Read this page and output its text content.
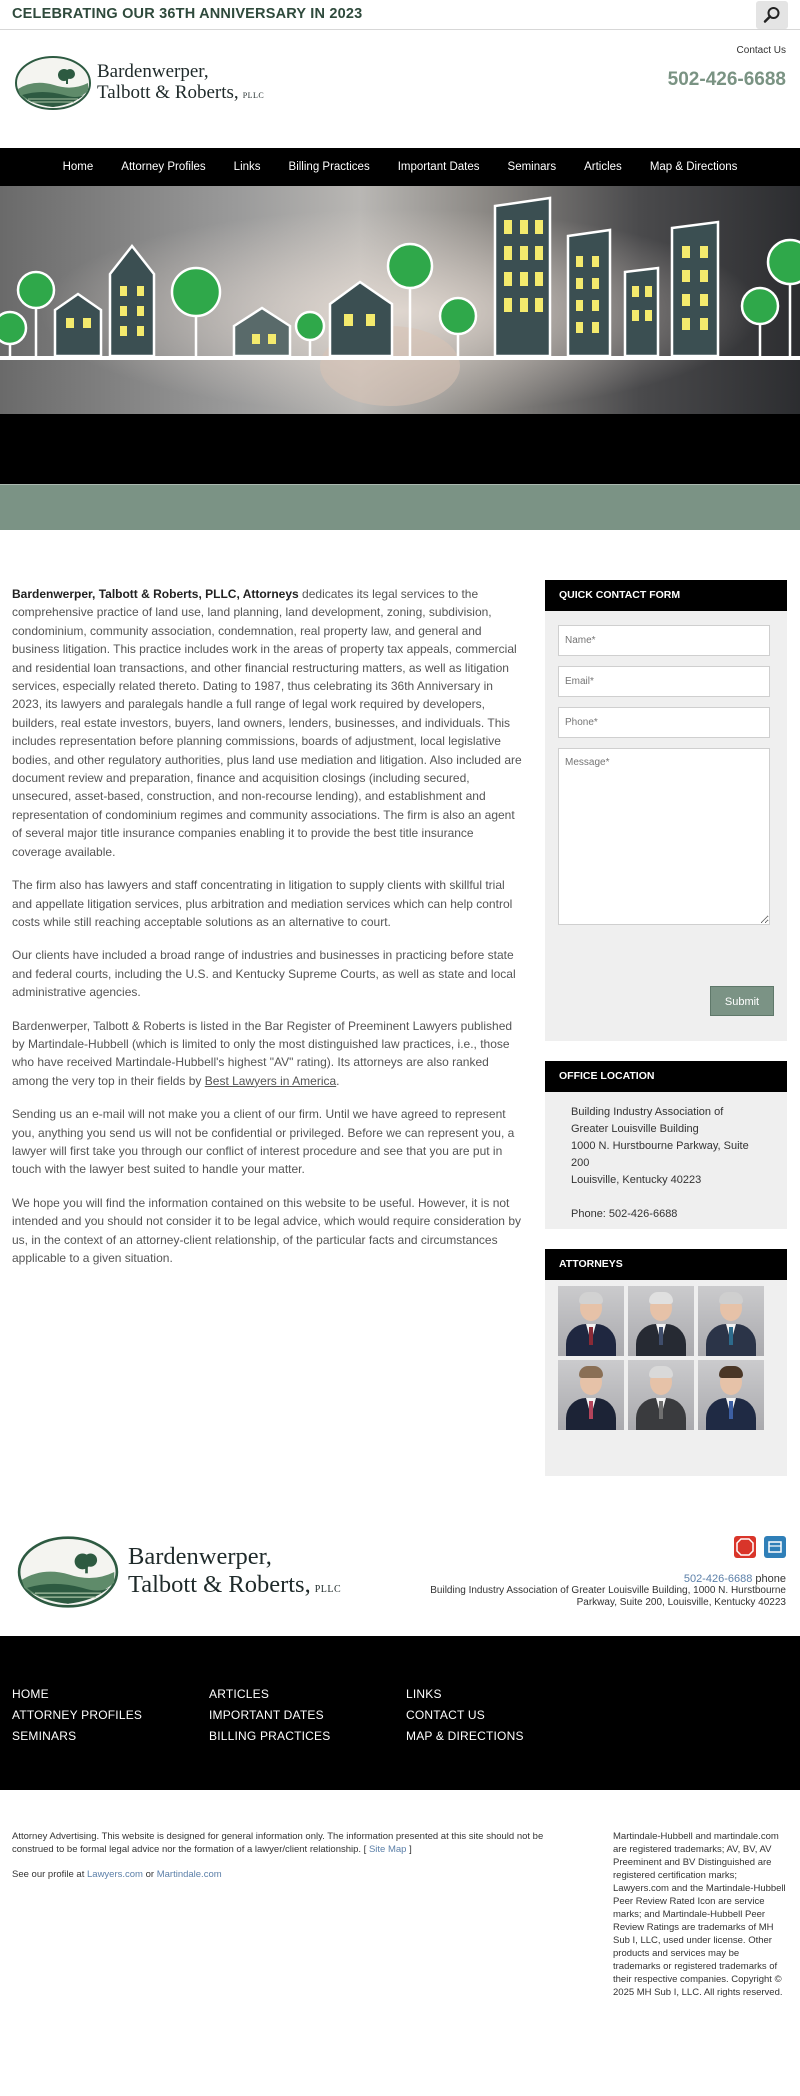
CELEBRATING OUR 36TH ANNIVERSARY IN 2023
Bardenwerper,
Talbott & Roberts, PLLC
Contact Us
502-426-6688
Home	Attorney Profiles	Links	Billing Practices	Important Dates	Seminars	Articles	Map & Directions

Bardenwerper, Talbott & Roberts, PLLC, Attorneys dedicates its legal services to the comprehensive practice of land use, land planning, land development, zoning, subdivision, condominium, community association, condemnation, real property law, and general and business litigation. This practice includes work in the areas of property tax appeals, commercial and residential loan transactions, and other financial restructuring matters, as well as litigation services, especially related thereto. Dating to 1987, thus celebrating its 36th Anniversary in 2023, its lawyers and paralegals handle a full range of legal work required by developers, builders, real estate investors, buyers, land owners, lenders, businesses, and individuals. This includes representation before planning commissions, boards of adjustment, local legislative bodies, and other regulatory authorities, plus land use mediation and litigation. Also included are document review and preparation, finance and acquisition closings (including secured, unsecured, asset-based, construction, and non-recourse lending), and establishment and representation of condominium regimes and community associations. The firm is also an agent of several major title insurance companies enabling it to provide the best title insurance coverage available.

The firm also has lawyers and staff concentrating in litigation to supply clients with skillful trial and appellate litigation services, plus arbitration and mediation services which can help control costs while still reaching acceptable solutions as an alternative to court.

Our clients have included a broad range of industries and businesses in practicing before state and federal courts, including the U.S. and Kentucky Supreme Courts, as well as state and local administrative agencies.

Bardenwerper, Talbott & Roberts is listed in the Bar Register of Preeminent Lawyers published by Martindale-Hubbell (which is limited to only the most distinguished law practices, i.e., those who have received Martindale-Hubbell's highest "AV" rating). Its attorneys are also ranked among the very top in their fields by Best Lawyers in America.

Sending us an e-mail will not make you a client of our firm. Until we have agreed to represent you, anything you send us will not be confidential or privileged. Before we can represent you, a lawyer will first take you through our conflict of interest procedure and see that you are put in touch with the lawyer best suited to handle your matter.

We hope you will find the information contained on this website to be useful. However, it is not intended and you should not consider it to be legal advice, which would require consideration by us, in the context of an attorney-client relationship, of the particular facts and circumstances applicable to a given situation.

QUICK CONTACT FORM
Name* Email* Phone* Message*
Submit
OFFICE LOCATION
Building Industry Association of
Greater Louisville Building
1000 N. Hurstbourne Parkway, Suite
200
Louisville, Kentucky 40223
Phone: 502-426-6688
ATTORNEYS
Bardenwerper,
Talbott & Roberts, PLLC
502-426-6688 phone
Building Industry Association of Greater Louisville Building, 1000 N. Hurstbourne Parkway, Suite 200, Louisville, Kentucky 40223
HOME
ATTORNEY PROFILES
SEMINARS
ARTICLES
IMPORTANT DATES
BILLING PRACTICES
LINKS
CONTACT US
MAP & DIRECTIONS
Attorney Advertising. This website is designed for general information only. The information presented at this site should not be construed to be formal legal advice nor the formation of a lawyer/client relationship. [ Site Map ]
See our profile at Lawyers.com or Martindale.com
Martindale-Hubbell and martindale.com are registered trademarks; AV, BV, AV Preeminent and BV Distinguished are registered certification marks; Lawyers.com and the Martindale-Hubbell Peer Review Rated Icon are service marks; and Martindale-Hubbell Peer Review Ratings are trademarks of MH Sub I, LLC, used under license. Other products and services may be trademarks or registered trademarks of their respective companies. Copyright © 2025 MH Sub I, LLC. All rights reserved.
